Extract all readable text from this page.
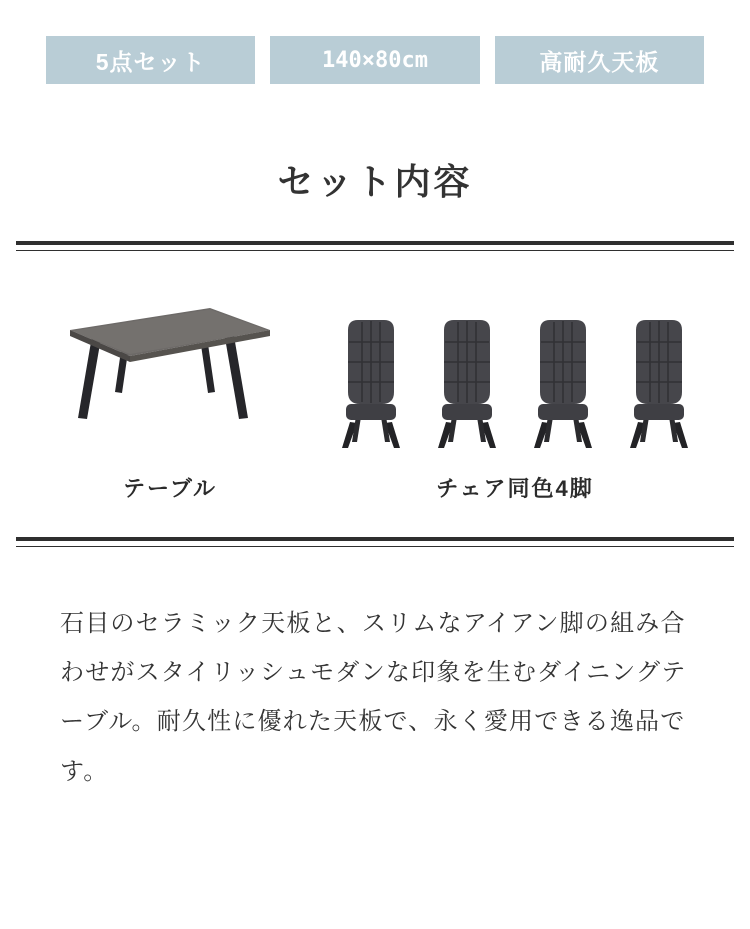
5点セット	140×80cm	高耐久天板
セット内容
テーブル	チェア同色4脚

石目のセラミック天板と、スリムなアイアン脚の組み合わせがスタイリッシュモダンな印象を生むダイニングテーブル。耐久性に優れた天板で、永く愛用できる逸品です。
